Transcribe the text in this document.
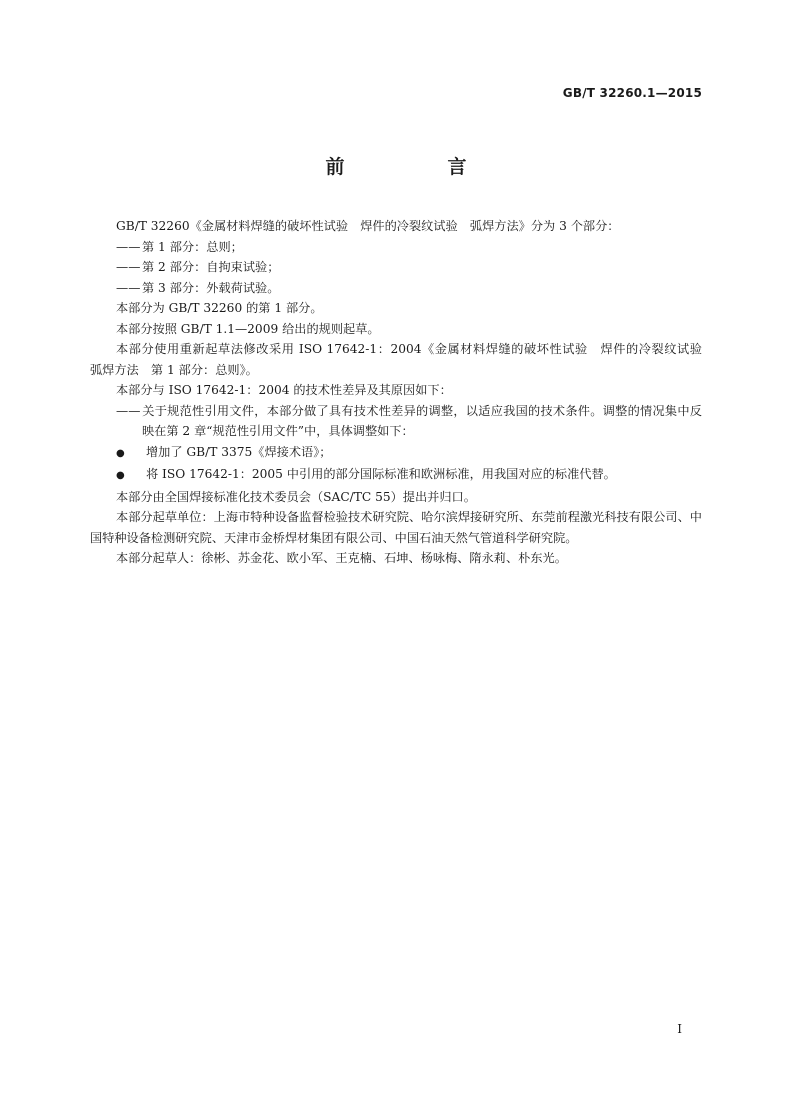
GB/T 32260.1—2015
前　言

GB/T 32260《金属材料焊缝的破坏性试验　焊件的冷裂纹试验　弧焊方法》分为 3 个部分：

—— 第 1 部分：总则；

—— 第 2 部分：自拘束试验；

—— 第 3 部分：外载荷试验。

本部分为 GB/T 32260 的第 1 部分。

本部分按照 GB/T 1.1—2009 给出的规则起草。

本部分使用重新起草法修改采用 ISO 17642-1：2004《金属材料焊缝的破坏性试验　焊件的冷裂纹试验　弧焊方法　第 1 部分：总则》。

本部分与 ISO 17642-1：2004 的技术性差异及其原因如下：

—— 关于规范性引用文件，本部分做了具有技术性差异的调整，以适应我国的技术条件。调整的情况集中反映在第 2 章“规范性引用文件”中，具体调整如下：

● 增加了 GB/T 3375《焊接术语》；

● 将 ISO 17642-1：2005 中引用的部分国际标准和欧洲标准，用我国对应的标准代替。

本部分由全国焊接标准化技术委员会（SAC/TC 55）提出并归口。

本部分起草单位：上海市特种设备监督检验技术研究院、哈尔滨焊接研究所、东莞前程激光科技有限公司、中国特种设备检测研究院、天津市金桥焊材集团有限公司、中国石油天然气管道科学研究院。

本部分起草人：徐彬、苏金花、欧小军、王克楠、石坤、杨咏梅、隋永莉、朴东光。

I
